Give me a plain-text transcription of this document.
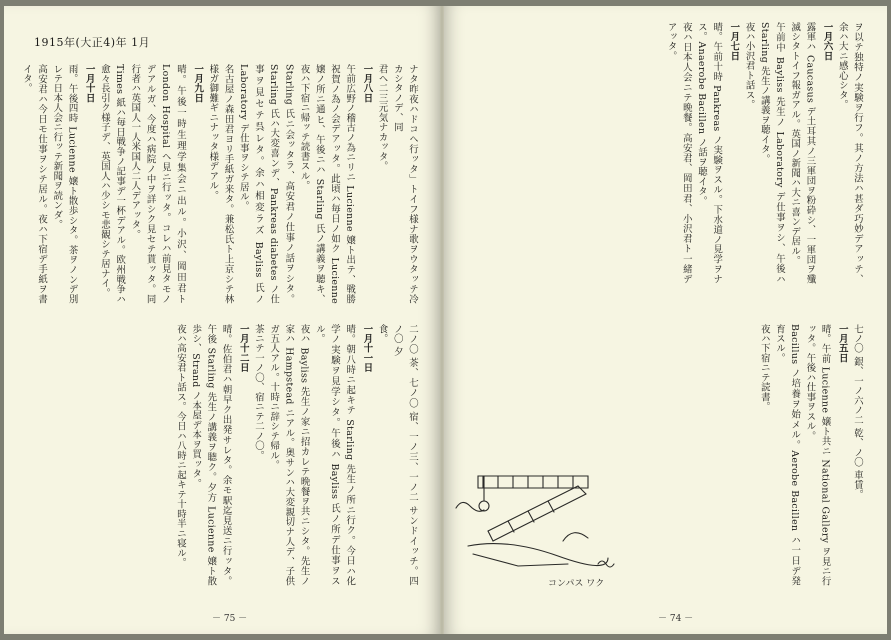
1915年(大正4)年 1月
ナタ昨夜ハドコヘ行ッタ」トイフ様ナ歌ヲウタッテ冷カシタノデ、同
君ヘ二三元気ナカッタ。
一月八日
午前広野ノ稽古ノ為ニリニ Lucienne 嬢ト出テ、戦勝祝賀ノ為ノ会デアッタ。此頃ハ毎日ノ如ク Lucienne 嬢ノ所ニ通ヒ、午後ニハ Starling 氏ノ講義ヲ聴キ、夜ハ下宿ニ帰ッテ読書スル。
Starling 氏ニ会ッタラ、高安君ノ仕事ノ話ヲシタ。Starling 氏ハ大変喜ンデ、Pankreas diabetes ノ仕事ヲ見セテ呉レタ。余ハ相変ラズ Bayliss 氏ノ Laboratory デ仕事ヲシテ居ル。
名古屋ノ森田君ヨリ手紙ガ来タ。兼松氏ト上京シテ林様ガ御難ギニナッタ様デアル。
一月九日
晴。午後一時生理学集会ニ出ル。小沢、岡田君ト London Hospital ヘ見ニ行ッタ。コレハ前見タモノデアルガ、今度ハ病院ノ中ヲ詳シク見セテ貰ッタ。同行者ハ英国人一人米国人二人デアッタ。
Times 紙ハ毎日戦争ノ記事デ一杯デアル。欧州戦争ハ愈々長引ク様子デ、英国人ハ少シモ悲観シテ居ナイ。
一月十日
雨。午後四時 Lucienne 嬢ト散歩シタ。茶ヲノンデ別レテ日本人会ニ行ッテ新聞ヲ読ンダ。
高安君ハ今日モ仕事ヲシテ居ル。夜ハ下宿デ手紙ヲ書イタ。
二ノ〇 茶、七ノ〇 宿、一ノ三、一ノ二 サンドイッチ。四ノ〇 夕
食。
一月十一日
晴。朝八時ニ起キテ Starling 先生ノ所ニ行ク。今日ハ化学ノ実験ヲ見学シタ。午後ハ Bayliss 氏ノ所デ仕事ヲスル。
夜ハ Bayliss 先生ノ家ニ招カレテ晩餐ヲ共ニシタ。先生ノ家ハ Hampstead ニアル。奥サンハ大変親切ナ人デ、子供ガ五人アル。十時ニ辞シテ帰ル。
茶ニテ一ノ〇、宿ニテ二ノ〇。
一月十二日
晴。佐伯君ハ朝早ク出発サレタ。余モ駅迄見送ニ行ッタ。午後 Starling 先生ノ講義ヲ聴ク。夕方 Lucienne 嬢ト散歩シ、Strand ノ本屋デ本ヲ買ッタ。
夜ハ高安君ト話ス。今日ハ八時ニ起キテ十時半ニ寝ル。
－ 75 －
ヲ以テ独特ノ実験ヲ行フ。其ノ方法ハ甚ダ巧妙デアッテ、余ハ大ニ感心シタ。
一月六日
露軍ハ Caucasus デ土耳其ノ三軍団ヲ粉砕シ、一軍団ヲ殲滅シタトイフ報ガアル。英国ノ新聞ハ大ニ喜ンデ居ル。
午前中 Bayliss 先生ノ Laboratory デ仕事ヲシ、午後ハ Starling 先生ノ講義ヲ聴イタ。
夜ハ小沢君ト話ス。
一月七日
晴。午前十時 Pankreas ノ実験ヲスル。下水道ノ見学ヲナス。Anaerobe Bacillen ノ話ヲ聴イタ。
夜ハ日本人会ニテ晩餐。高安君、岡田君、小沢君ト一緒デアッタ。
七ノ〇 銀、一ノ六ノ二 乾、ノ〇 車賃。
一月五日
晴。午前 Lucienne 嬢ト共ニ National Gallery ヲ見ニ行ッタ。午後ハ仕事ヲスル。
Bacillus ノ培養ヲ始メル。Aerobe Bacillen ハ一日デ発育スル。
夜ハ下宿ニテ読書。
コンパス ワク
－ 74 －
